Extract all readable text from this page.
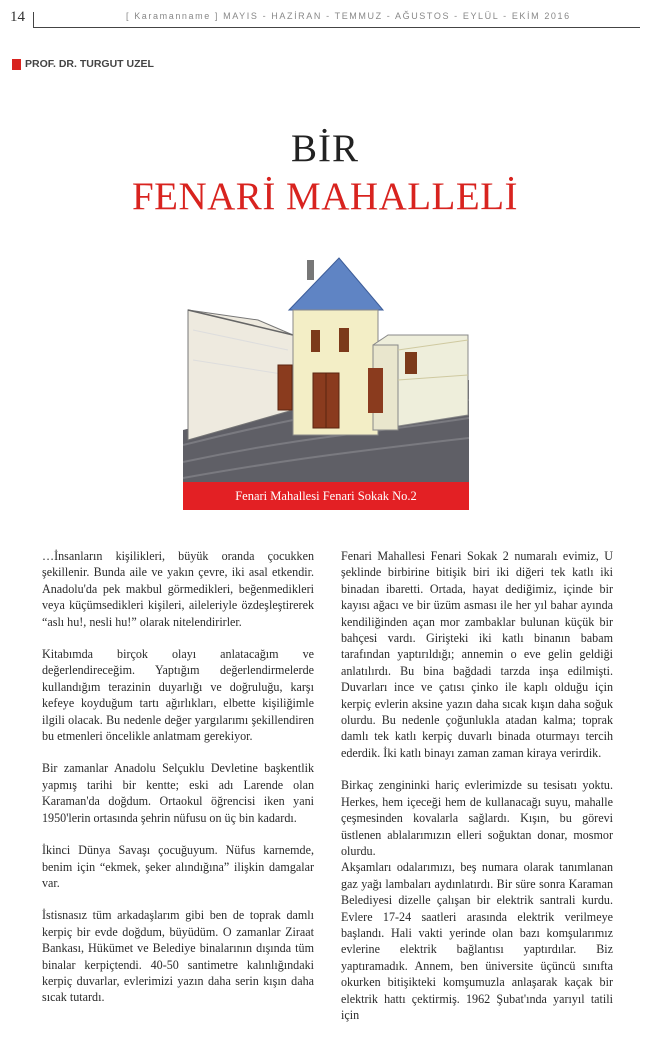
14	[ Karamanname ] MAYIS - HAZİRAN - TEMMUZ - AĞUSTOS - EYLÜL - EKİM 2016
PROF. DR. TURGUT UZEL
BİR
FENARİ MAHALLELİ
Fenari Mahallesi Fenari Sokak No.2

…İnsanların kişilikleri, büyük oranda çocukken şekillenir. Bunda aile ve yakın çevre, iki asal etkendir. Anadolu'da pek makbul görmedikleri, beğenmedikleri veya küçümsedikleri kişileri, aileleriyle özdeşleştirerek “aslı hu!, nesli hu!” olarak nitelendirirler.

Kitabımda birçok olayı anlatacağım ve değerlendireceğim. Yaptığım değerlendirmelerde kullandığım terazinin duyarlığı ve doğruluğu, karşı kefeye koyduğum tartı ağırlıkları, elbette kişiliğimle ilgili olacak. Bu nedenle değer yargılarımı şekillendiren bu etmenleri öncelikle anlatmam gerekiyor.

Bir zamanlar Anadolu Selçuklu Devletine başkentlik yapmış tarihi bir kentte; eski adı Larende olan Karaman'da doğdum. Ortaokul öğrencisi iken yani 1950'lerin ortasında şehrin nüfusu on üç bin kadardı.

İkinci Dünya Savaşı çocuğuyum. Nüfus karnemde, benim için “ekmek, şeker alındığına” ilişkin damgalar var.

İstisnasız tüm arkadaşlarım gibi ben de toprak damlı kerpiç bir evde doğdum, büyüdüm. O zamanlar Ziraat Bankası, Hükümet ve Belediye binalarının dışında tüm binalar kerpiçtendi. 40-50 santimetre kalınlığındaki kerpiç duvarlar, evlerimizi yazın daha serin kışın daha sıcak tutardı.

Fenari Mahallesi Fenari Sokak 2 numaralı evimiz, U şeklinde birbirine bitişik biri iki diğeri tek katlı iki binadan ibaretti. Ortada, hayat dediğimiz, içinde bir kayısı ağacı ve bir üzüm asması ile her yıl bahar ayında kendiliğinden açan mor zambaklar bulunan küçük bir bahçesi vardı. Girişteki iki katlı binanın babam tarafından yaptırıldığı; annemin o eve gelin geldiği anlatılırdı. Bu bina bağdadi tarzda inşa edilmişti. Duvarları ince ve çatısı çinko ile kaplı olduğu için kerpiç evlerin aksine yazın daha sıcak kışın daha soğuk olurdu. Bu nedenle çoğunlukla atadan kalma; toprak damlı tek katlı kerpiç duvarlı binada oturmayı tercih ederdik. İki katlı binayı zaman zaman kiraya verirdik.

Birkaç zengininki hariç evlerimizde su tesisatı yoktu. Herkes, hem içeceği hem de kullanacağı suyu, mahalle çeşmesinden kovalarla sağlardı. Kışın, bu görevi üstlenen ablalarımızın elleri soğuktan donar, mosmor olurdu.

Akşamları odalarımızı, beş numara olarak tanımlanan gaz yağı lambaları aydınlatırdı. Bir süre sonra Karaman Belediyesi dizelle çalışan bir elektrik santrali kurdu. Evlere 17-24 saatleri arasında elektrik verilmeye başlandı. Hali vakti yerinde olan bazı komşularımız evlerine elektrik bağlantısı yaptırdılar. Biz yaptıramadık. Annem, ben üniversite üçüncü sınıfta okurken bitişikteki komşumuzla anlaşarak kaçak bir elektrik hattı çektirmiş. 1962 Şubat'ında yarıyıl tatili için
